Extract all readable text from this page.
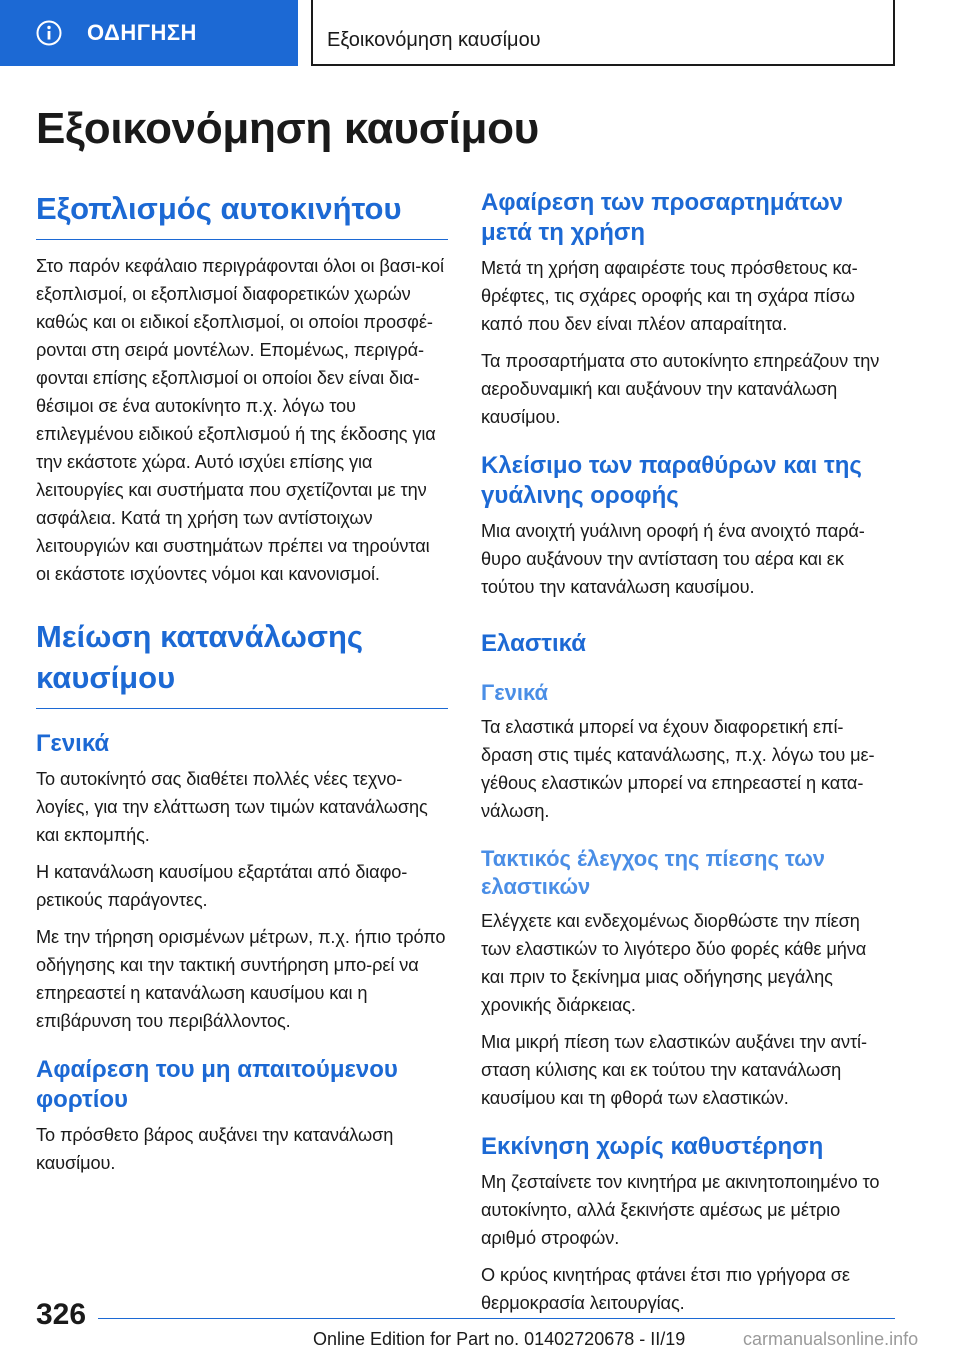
ΟΔΗΓΗΣΗ	Εξοικονόμηση καυσίμου
Εξοικονόμηση καυσίμου
Εξοπλισμός αυτοκινήτου

Στο παρόν κεφάλαιο περιγράφονται όλοι οι βασι‐κοί εξοπλισμοί, οι εξοπλισμοί διαφορετικών χωρών καθώς και οι ειδικοί εξοπλισμοί, οι οποίοι προσφέ‐ρονται στη σειρά μοντέλων. Επομένως, περιγρά‐φονται επίσης εξοπλισμοί οι οποίοι δεν είναι δια‐θέσιμοι σε ένα αυτοκίνητο π.χ. λόγω του επιλεγμένου ειδικού εξοπλισμού ή της έκδοσης για την εκάστοτε χώρα. Αυτό ισχύει επίσης για λειτουργίες και συστήματα που σχετίζονται με την ασφάλεια. Κατά τη χρήση των αντίστοιχων λειτουργιών και συστημάτων πρέπει να τηρούνται οι εκάστοτε ισχύοντες νόμοι και κανονισμοί.

Μείωση κατανάλωσης καυσίμου
Γενικά

Το αυτοκίνητό σας διαθέτει πολλές νέες τεχνο‐λογίες, για την ελάττωση των τιμών κατανάλωσης και εκπομπής.

Η κατανάλωση καυσίμου εξαρτάται από διαφο‐ρετικούς παράγοντες.

Με την τήρηση ορισμένων μέτρων, π.χ. ήπιο τρόπο οδήγησης και την τακτική συντήρηση μπο‐ρεί να επηρεαστεί η κατανάλωση καυσίμου και η επιβάρυνση του περιβάλλοντος.

Αφαίρεση του μη απαιτούμενου φορτίου

Το πρόσθετο βάρος αυξάνει την κατανάλωση καυσίμου.

Αφαίρεση των προσαρτημάτων μετά τη χρήση

Μετά τη χρήση αφαιρέστε τους πρόσθετους κα‐θρέφτες, τις σχάρες οροφής και τη σχάρα πίσω καπό που δεν είναι πλέον απαραίτητα.

Τα προσαρτήματα στο αυτοκίνητο επηρεάζουν την αεροδυναμική και αυξάνουν την κατανάλωση καυσίμου.

Κλείσιμο των παραθύρων και της γυάλινης οροφής

Μια ανοιχτή γυάλινη οροφή ή ένα ανοιχτό παρά‐θυρο αυξάνουν την αντίσταση του αέρα και εκ τούτου την κατανάλωση καυσίμου.

Ελαστικά
Γενικά

Τα ελαστικά μπορεί να έχουν διαφορετική επί‐δραση στις τιμές κατανάλωσης, π.χ. λόγω του με‐γέθους ελαστικών μπορεί να επηρεαστεί η κατα‐νάλωση.

Τακτικός έλεγχος της πίεσης των ελαστικών

Ελέγχετε και ενδεχομένως διορθώστε την πίεση των ελαστικών το λιγότερο δύο φορές κάθε μήνα και πριν το ξεκίνημα μιας οδήγησης μεγάλης χρονικής διάρκειας.

Μια μικρή πίεση των ελαστικών αυξάνει την αντί‐σταση κύλισης και εκ τούτου την κατανάλωση καυσίμου και τη φθορά των ελαστικών.

Εκκίνηση χωρίς καθυστέρηση

Μη ζεσταίνετε τον κινητήρα με ακινητοποιημένο το αυτοκίνητο, αλλά ξεκινήστε αμέσως με μέτριο αριθμό στροφών.

Ο κρύος κινητήρας φτάνει έτσι πιο γρήγορα σε θερμοκρασία λειτουργίας.

326
Online Edition for Part no. 01402720678 - II/19	carmanualsonline.info
